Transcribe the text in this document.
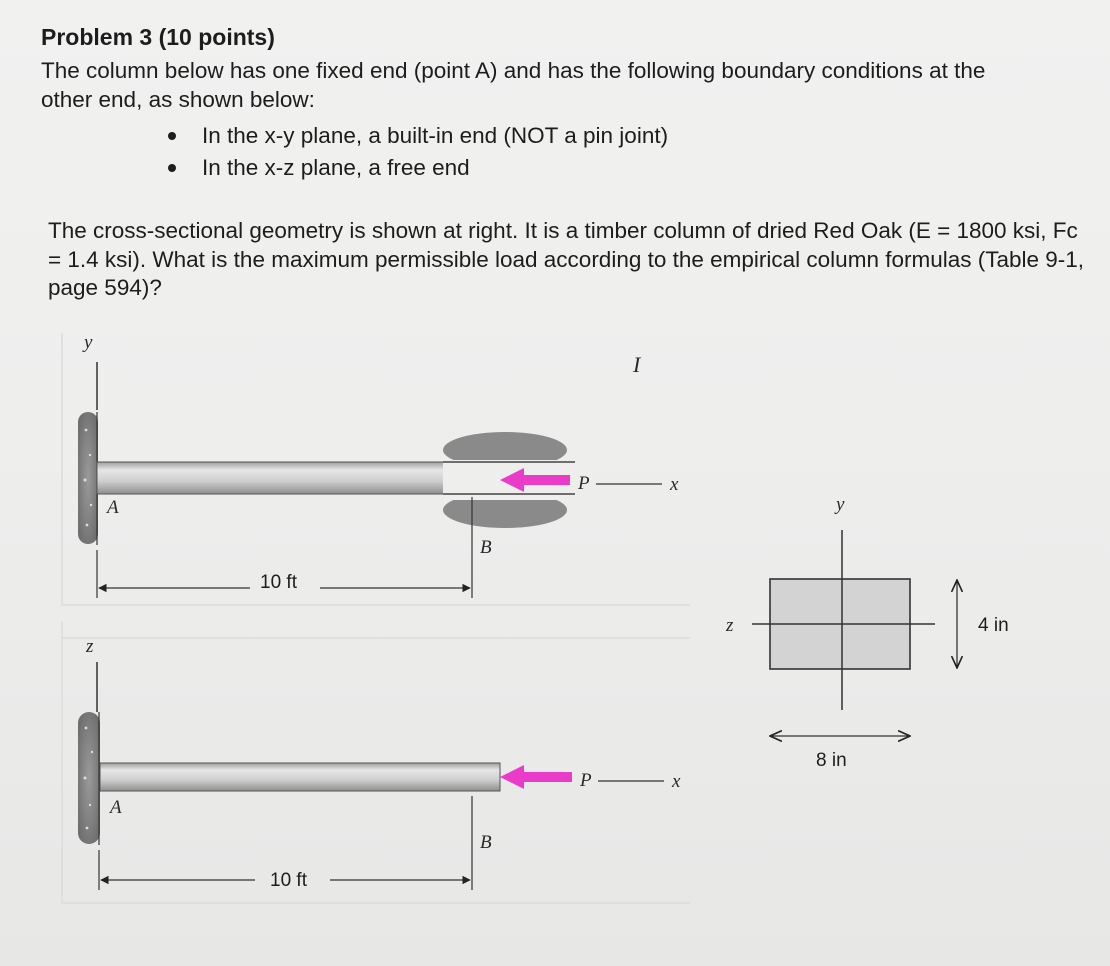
Problem 3 (10 points)

The column below has one fixed end (point A) and has the following boundary conditions at the other end, as shown below:

In the x-y plane, a built-in end (NOT a pin joint)
In the x-z plane, a free end

The cross-sectional geometry is shown at right. It is a timber column of dried Red Oak (E = 1800 ksi, Fc = 1.4 ksi). What is the maximum permissible load according to the empirical column formulas (Table 9-1, page 594)?

y
A
P	x
I
B
10 ft
z
A
P	x
B
10 ft
y
z	4 in
8 in
